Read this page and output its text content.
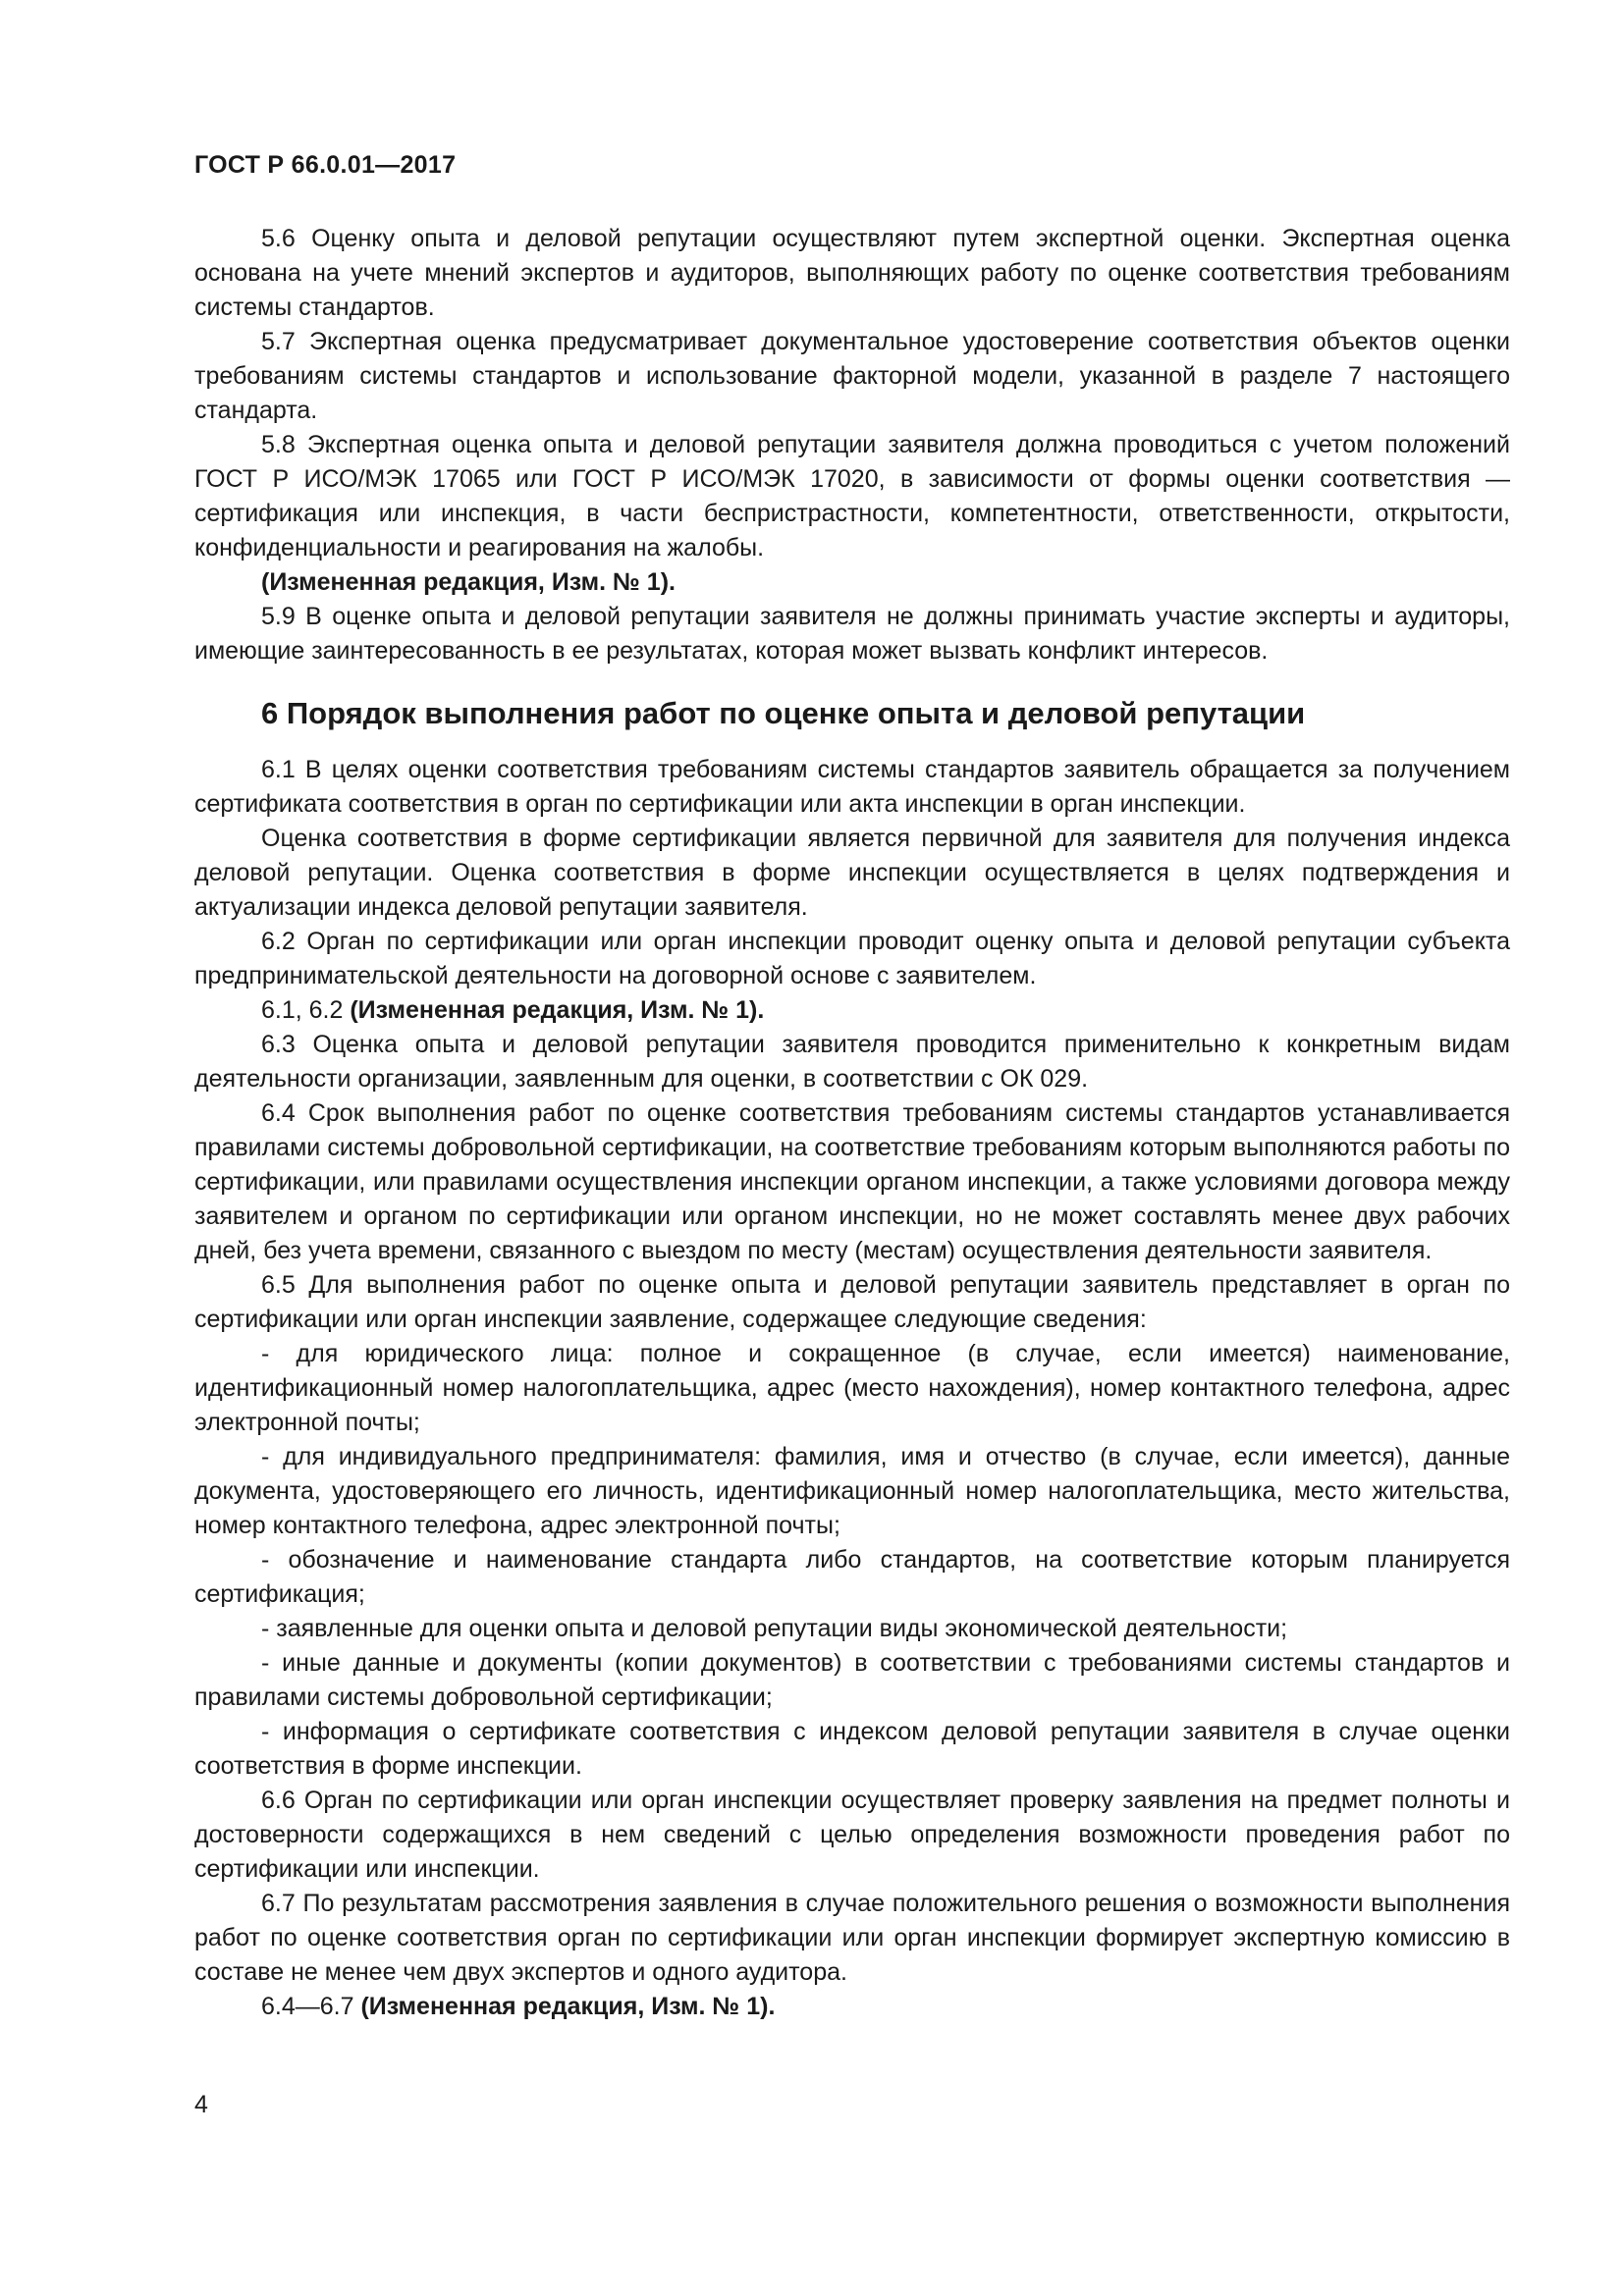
ГОСТ Р 66.0.01—2017

5.6 Оценку опыта и деловой репутации осуществляют путем экспертной оценки. Экспертная оценка основана на учете мнений экспертов и аудиторов, выполняющих работу по оценке соответствия требованиям системы стандартов.

5.7 Экспертная оценка предусматривает документальное удостоверение соответствия объектов оценки требованиям системы стандартов и использование факторной модели, указанной в разделе 7 настоящего стандарта.

5.8 Экспертная оценка опыта и деловой репутации заявителя должна проводиться с учетом положений ГОСТ Р ИСО/МЭК 17065 или ГОСТ Р ИСО/МЭК 17020, в зависимости от формы оценки соответствия — сертификация или инспекция, в части беспристрастности, компетентности, ответственности, открытости, конфиденциальности и реагирования на жалобы.

(Измененная редакция, Изм. № 1).

5.9 В оценке опыта и деловой репутации заявителя не должны принимать участие эксперты и аудиторы, имеющие заинтересованность в ее результатах, которая может вызвать конфликт интересов.

6 Порядок выполнения работ по оценке опыта и деловой репутации

6.1 В целях оценки соответствия требованиям системы стандартов заявитель обращается за получением сертификата соответствия в орган по сертификации или акта инспекции в орган инспекции.

Оценка соответствия в форме сертификации является первичной для заявителя для получения индекса деловой репутации. Оценка соответствия в форме инспекции осуществляется в целях подтверждения и актуализации индекса деловой репутации заявителя.

6.2 Орган по сертификации или орган инспекции проводит оценку опыта и деловой репутации субъекта предпринимательской деятельности на договорной основе с заявителем.

6.1, 6.2 (Измененная редакция, Изм. № 1).

6.3 Оценка опыта и деловой репутации заявителя проводится применительно к конкретным видам деятельности организации, заявленным для оценки, в соответствии с ОК 029.

6.4 Срок выполнения работ по оценке соответствия требованиям системы стандартов устанавливается правилами системы добровольной сертификации, на соответствие требованиям которым выполняются работы по сертификации, или правилами осуществления инспекции органом инспекции, а также условиями договора между заявителем и органом по сертификации или органом инспекции, но не может составлять менее двух рабочих дней, без учета времени, связанного с выездом по месту (местам) осуществления деятельности заявителя.

6.5 Для выполнения работ по оценке опыта и деловой репутации заявитель представляет в орган по сертификации или орган инспекции заявление, содержащее следующие сведения:

- для юридического лица: полное и сокращенное (в случае, если имеется) наименование, идентификационный номер налогоплательщика, адрес (место нахождения), номер контактного телефона, адрес электронной почты;

- для индивидуального предпринимателя: фамилия, имя и отчество (в случае, если имеется), данные документа, удостоверяющего его личность, идентификационный номер налогоплательщика, место жительства, номер контактного телефона, адрес электронной почты;

- обозначение и наименование стандарта либо стандартов, на соответствие которым планируется сертификация;

- заявленные для оценки опыта и деловой репутации виды экономической деятельности;

- иные данные и документы (копии документов) в соответствии с требованиями системы стандартов и правилами системы добровольной сертификации;

- информация о сертификате соответствия с индексом деловой репутации заявителя в случае оценки соответствия в форме инспекции.

6.6 Орган по сертификации или орган инспекции осуществляет проверку заявления на предмет полноты и достоверности содержащихся в нем сведений с целью определения возможности проведения работ по сертификации или инспекции.

6.7 По результатам рассмотрения заявления в случае положительного решения о возможности выполнения работ по оценке соответствия орган по сертификации или орган инспекции формирует экспертную комиссию в составе не менее чем двух экспертов и одного аудитора.

6.4—6.7 (Измененная редакция, Изм. № 1).

4
